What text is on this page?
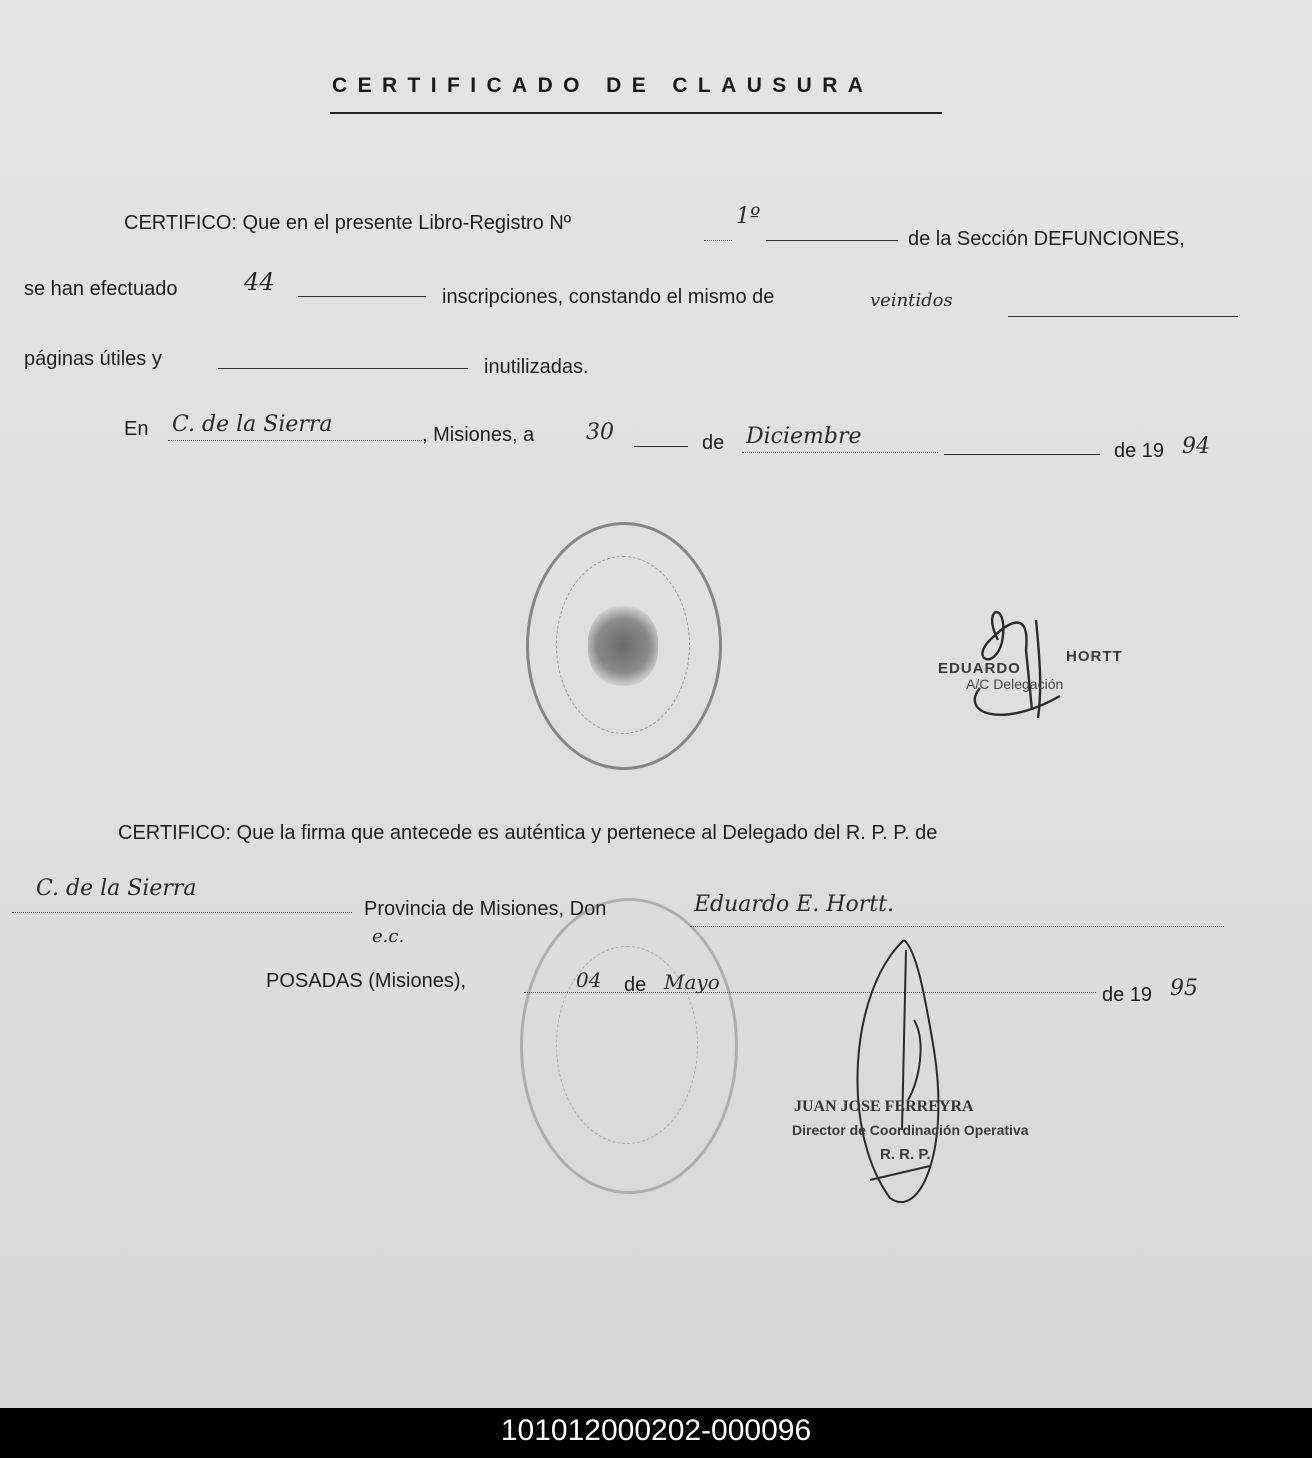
CERTIFICADO DE CLAUSURA
CERTIFICO: Que en el presente Libro-Registro Nº	1º
de la Sección DEFUNCIONES,
se han efectuado	44
inscripciones, constando el mismo de	veintidos
páginas útiles y	inutilizadas.
En C. de la Sierra	, Misiones, a 30	de Diciembre
de 19 94
EDUARDO
HORTT
A/C Delegación
CERTIFICO: Que la firma que antecede es auténtica y pertenece al Delegado del R. P. P. de
C. de la Sierra
Provincia de Misiones, Don	Eduardo E. Hortt.
e.c.
POSADAS (Misiones),	04 de Mayo
de 19 95
JUAN JOSE FERREYRA
Director de Coordinación Operativa
R. R. P.
101012000202-000096
